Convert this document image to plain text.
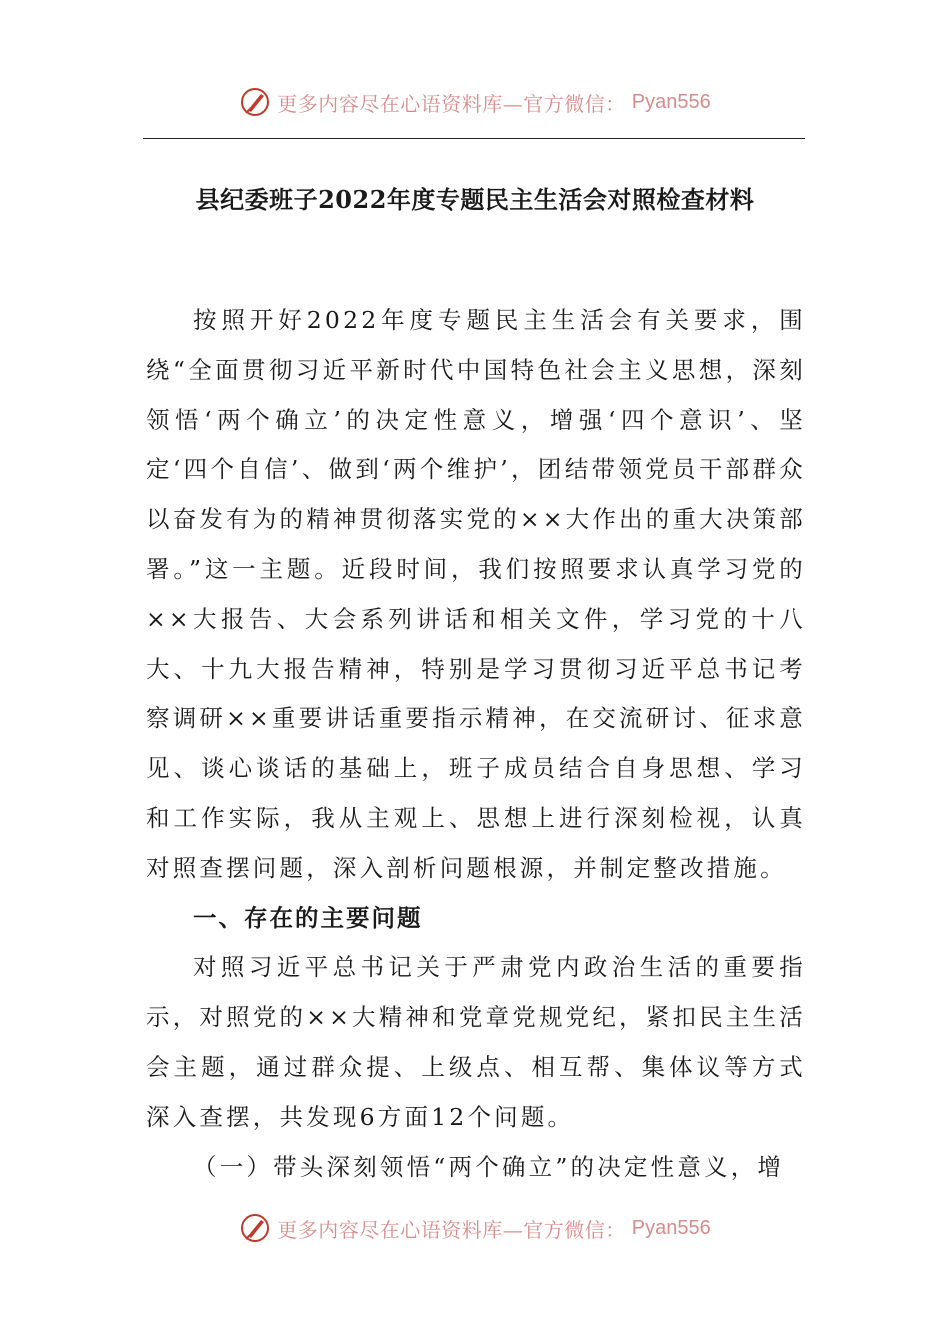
更多内容尽在心语资料库—官方微信： Pyan556
县纪委班子2022年度专题民主生活会对照检查材料

按照开好2022年度专题民主生活会有关要求，围绕“全面贯彻习近平新时代中国特色社会主义思想，深刻领悟‘两个确立’的决定性意义，增强‘四个意识’、坚定‘四个自信’、做到‘两个维护’，团结带领党员干部群众以奋发有为的精神贯彻落实党的××大作出的重大决策部署。”这一主题。近段时间，我们按照要求认真学习党的××大报告、大会系列讲话和相关文件，学习党的十八大、十九大报告精神，特别是学习贯彻习近平总书记考察调研××重要讲话重要指示精神，在交流研讨、征求意见、谈心谈话的基础上，班子成员结合自身思想、学习和工作实际，我从主观上、思想上进行深刻检视，认真对照查摆问题，深入剖析问题根源，并制定整改措施。

一、存在的主要问题

对照习近平总书记关于严肃党内政治生活的重要指示，对照党的××大精神和党章党规党纪，紧扣民主生活会主题，通过群众提、上级点、相互帮、集体议等方式深入查摆，共发现6方面12个问题。

（一）带头深刻领悟“两个确立”的决定性意义，增

更多内容尽在心语资料库—官方微信： Pyan556
